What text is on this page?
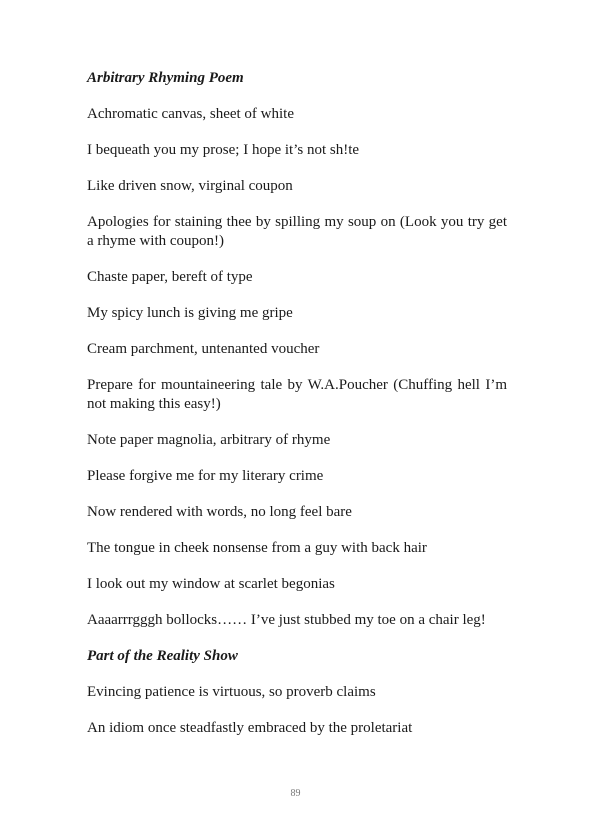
Arbitrary Rhyming Poem
Achromatic canvas, sheet of white
I bequeath you my prose; I hope it’s not sh!te
Like driven snow, virginal coupon
Apologies for staining thee by spilling my soup on (Look you try get a rhyme with coupon!)
Chaste paper, bereft of type
My spicy lunch is giving me gripe
Cream parchment, untenanted voucher
Prepare for mountaineering tale by W.A.Poucher (Chuffing hell I’m not making this easy!)
Note paper magnolia, arbitrary of rhyme
Please forgive me for my literary crime
Now rendered with words, no long feel bare
The tongue in cheek nonsense from a guy with back hair
I look out my window at scarlet begonias
Aaaarrrgggh bollocks…… I’ve just stubbed my toe on a chair leg!
Part of the Reality Show
Evincing patience is virtuous, so proverb claims
An idiom once steadfastly embraced by the proletariat
89
